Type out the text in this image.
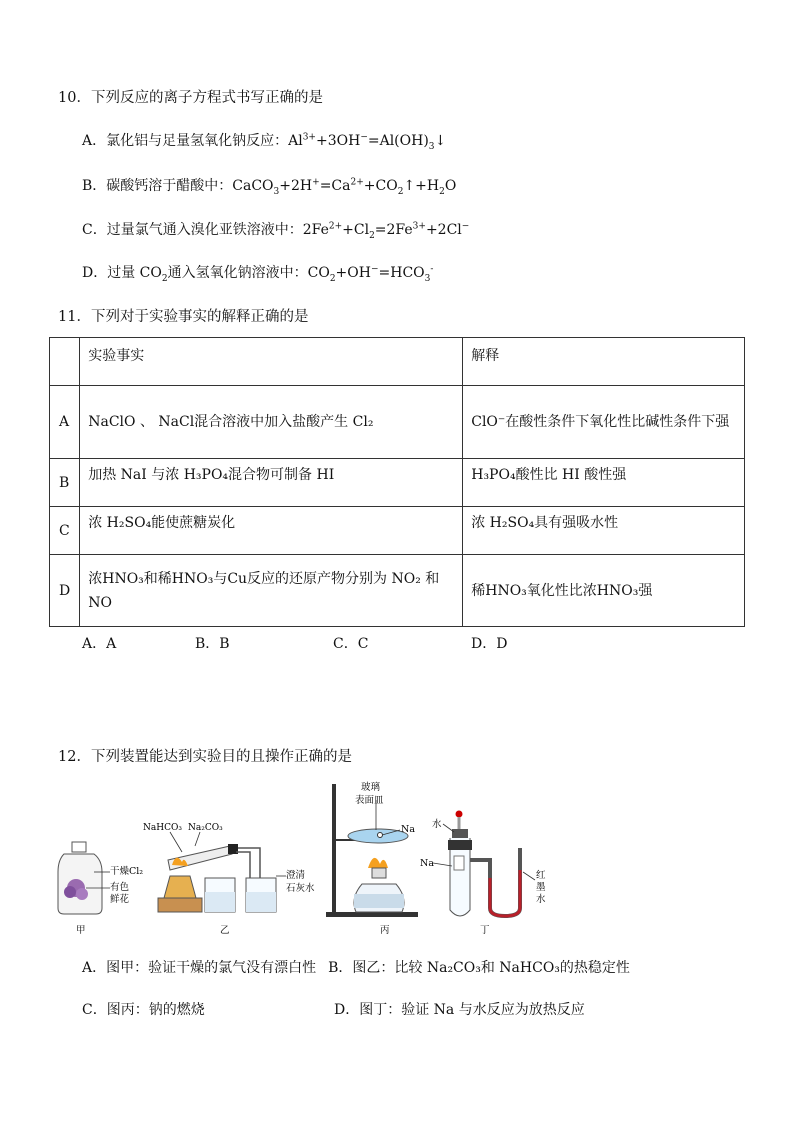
10．下列反应的离子方程式书写正确的是
A．氯化铝与足量氢氧化钠反应：$Al^{3+}+3OH^-=Al(OH)_3↓$
B．碳酸钙溶于醋酸中：$CaCO_3+2H^+=Ca^{2+}+CO_2↑+H_2O$
C．过量氯气通入溴化亚铁溶液中：$2Fe^{2+}+Cl_2=2Fe^{3+}+2Cl^-$
D．过量 $CO_2$通入氢氧化钠溶液中：$CO_2+OH^-=HCO_3^-$
11．下列对于实验事实的解释正确的是
	实验事实	解释
A	NaClO 、 NaCl混合溶液中加入盐酸产生 Cl₂	ClO⁻在酸性条件下氧化性比碱性条件下强
B	加热 NaI 与浓 H₃PO₄混合物可制备 HI	H₃PO₄酸性比 HI 酸性强
C	浓 H₂SO₄能使蔗糖炭化	浓 H₂SO₄具有强吸水性
D	浓HNO₃和稀HNO₃与Cu反应的还原产物分别为 NO₂ 和 NO	稀HNO₃氧化性比浓HNO₃强
A．A	B．B	C．C	D．D
12．下列装置能达到实验目的且操作正确的是
干燥Cl₂
有色
鲜花
甲
NaHCO₃ Na₂CO₃
澄清
石灰水
乙
Na
玻璃
表面皿
丙
水
Na
红
墨
水
丁
A．图甲：验证干燥的氯气没有漂白性 B．图乙：比较 Na₂CO₃和 NaHCO₃的热稳定性
C．图丙：钠的燃烧	D．图丁：验证 Na 与水反应为放热反应
